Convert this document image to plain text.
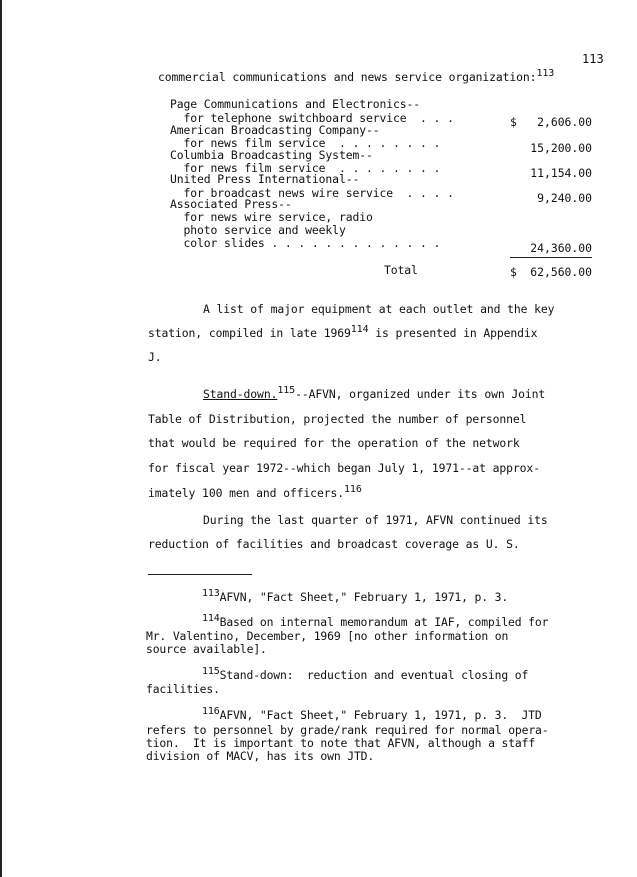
113
commercial communications and news service organization:113
Page Communications and Electronics--
for telephone switchboard service  . . .	$	2,606.00
American Broadcasting Company--
for news film service  . . . . . . . .	15,200.00
Columbia Broadcasting System--
for news film service  . . . . . . . .	11,154.00
United Press International--
for broadcast news wire service  . . . .	9,240.00
Associated Press--
for news wire service, radio
photo service and weekly
color slides . . . . . . . . . . . . .	24,360.00
Total	$	62,560.00
A list of major equipment at each outlet and the key
station, compiled in late 1969114 is presented in Appendix
J.
Stand-down.115--AFVN, organized under its own Joint
Table of Distribution, projected the number of personnel
that would be required for the operation of the network
for fiscal year 1972--which began July 1, 1971--at approx-
imately 100 men and officers.116
During the last quarter of 1971, AFVN continued its
reduction of facilities and broadcast coverage as U. S.
113AFVN, "Fact Sheet," February 1, 1971, p. 3.
114Based on internal memorandum at IAF, compiled for
Mr. Valentino, December, 1969 [no other information on
source available].
115Stand-down:  reduction and eventual closing of
facilities.
116AFVN, "Fact Sheet," February 1, 1971, p. 3.  JTD
refers to personnel by grade/rank required for normal opera-
tion.  It is important to note that AFVN, although a staff
division of MACV, has its own JTD.
